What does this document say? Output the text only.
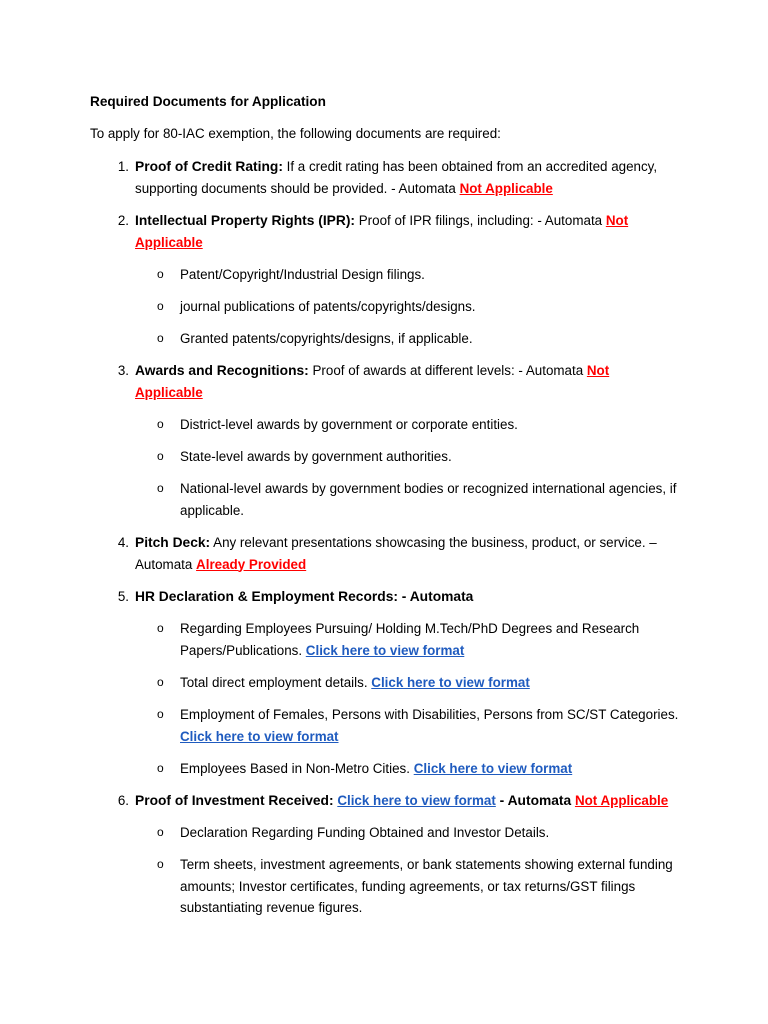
Required Documents for Application
To apply for 80-IAC exemption, the following documents are required:
1. Proof of Credit Rating: If a credit rating has been obtained from an accredited agency, supporting documents should be provided. - Automata Not Applicable
2. Intellectual Property Rights (IPR): Proof of IPR filings, including: - Automata Not Applicable
o Patent/Copyright/Industrial Design filings.
o journal publications of patents/copyrights/designs.
o Granted patents/copyrights/designs, if applicable.
3. Awards and Recognitions: Proof of awards at different levels: - Automata Not Applicable
o District-level awards by government or corporate entities.
o State-level awards by government authorities.
o National-level awards by government bodies or recognized international agencies, if applicable.
4. Pitch Deck: Any relevant presentations showcasing the business, product, or service. – Automata Already Provided
5. HR Declaration & Employment Records: - Automata
o Regarding Employees Pursuing/ Holding M.Tech/PhD Degrees and Research Papers/Publications. Click here to view format
o Total direct employment details. Click here to view format
o Employment of Females, Persons with Disabilities, Persons from SC/ST Categories. Click here to view format
o Employees Based in Non-Metro Cities. Click here to view format
6. Proof of Investment Received: Click here to view format - Automata Not Applicable
o Declaration Regarding Funding Obtained and Investor Details.
o Term sheets, investment agreements, or bank statements showing external funding amounts; Investor certificates, funding agreements, or tax returns/GST filings substantiating revenue figures.
